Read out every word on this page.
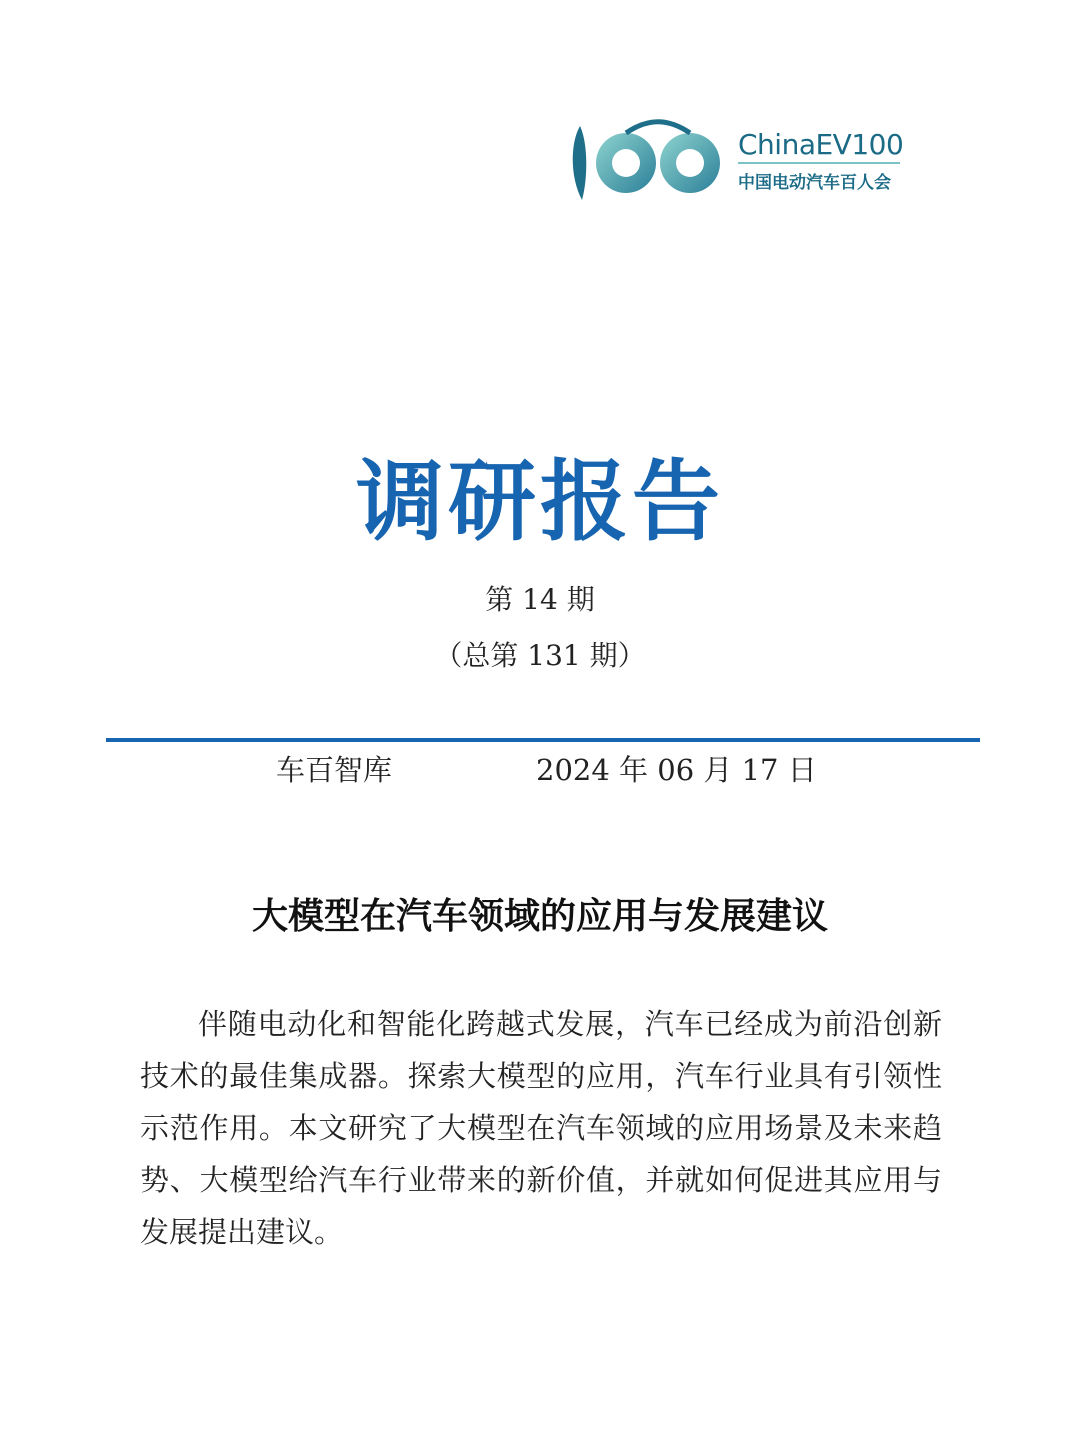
ChinaEV100
中国电动汽车百人会
调研报告
第 14 期
（总第 131 期）
车百智库	2024 年 06 月 17 日
大模型在汽车领域的应用与发展建议
伴随电动化和智能化跨越式发展，汽车已经成为前沿创新技术的最佳集成器。探索大模型的应用，汽车行业具有引领性示范作用。本文研究了大模型在汽车领域的应用场景及未来趋势、大模型给汽车行业带来的新价值，并就如何促进其应用与发展提出建议。
